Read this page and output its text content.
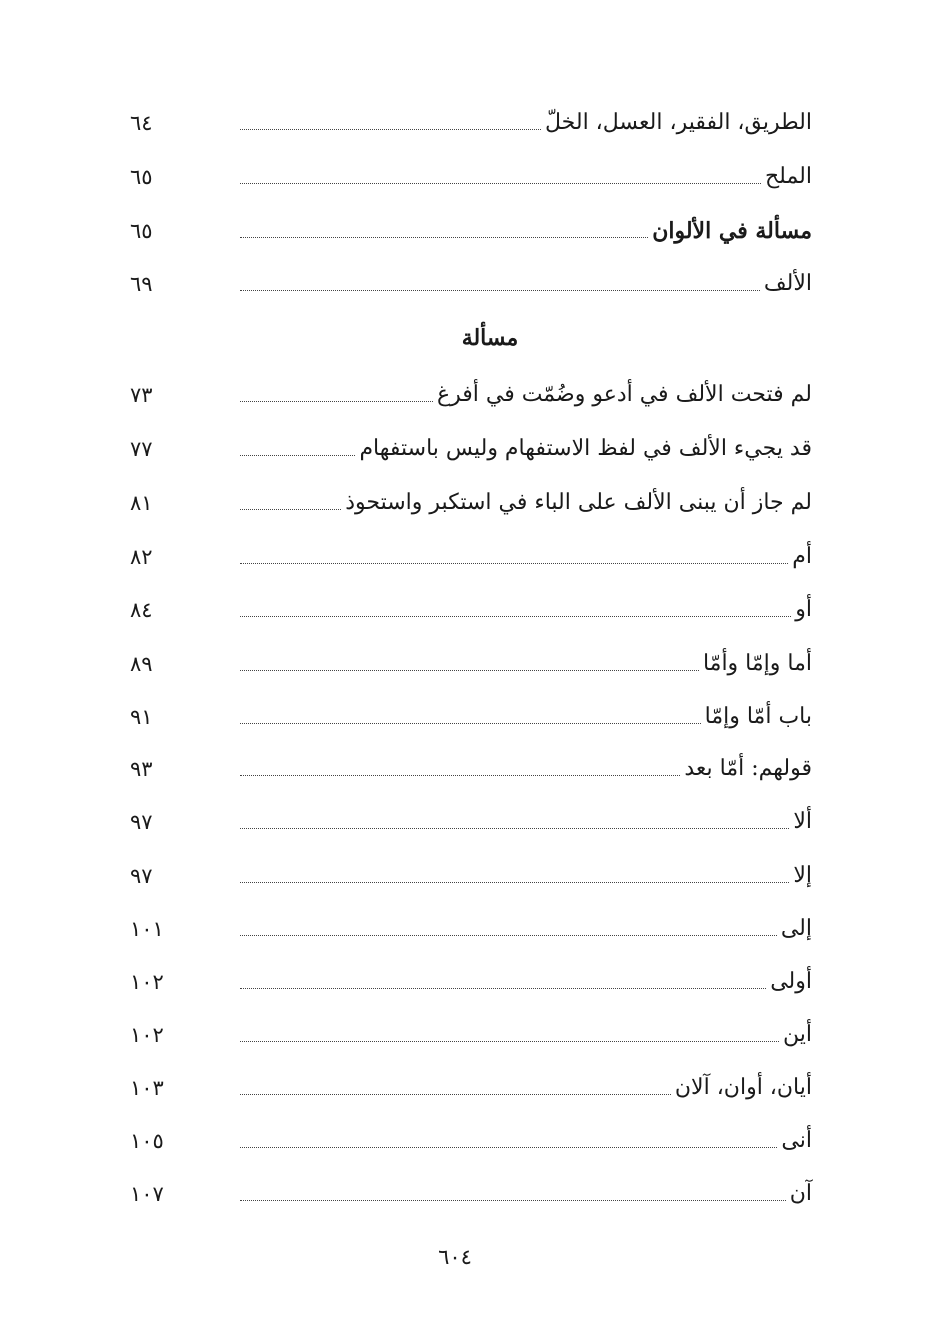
الطريق، الفقير، العسل، الخلّ
٦٤
الملح
٦٥
مسألة في الألوان
٦٥
الألف
٦٩
مسألة
لم فتحت الألف في أدعو وضُمّت في أفرغ
٧٣
قد يجيء الألف في لفظ الاستفهام وليس باستفهام
٧٧
لم جاز أن يبنى الألف على الباء في استكبر واستحوذ
٨١
أم
٨٢
أو
٨٤
أما وإمّا وأمّا
٨٩
باب أمّا وإمّا
٩١
قولهم: أمّا بعد
٩٣
ألا
٩٧
إلا
٩٧
إلى
١٠١
أولى
١٠٢
أين
١٠٢
أيان، أوان، آلان
١٠٣
أنى
١٠٥
آن
١٠٧
٦٠٤
